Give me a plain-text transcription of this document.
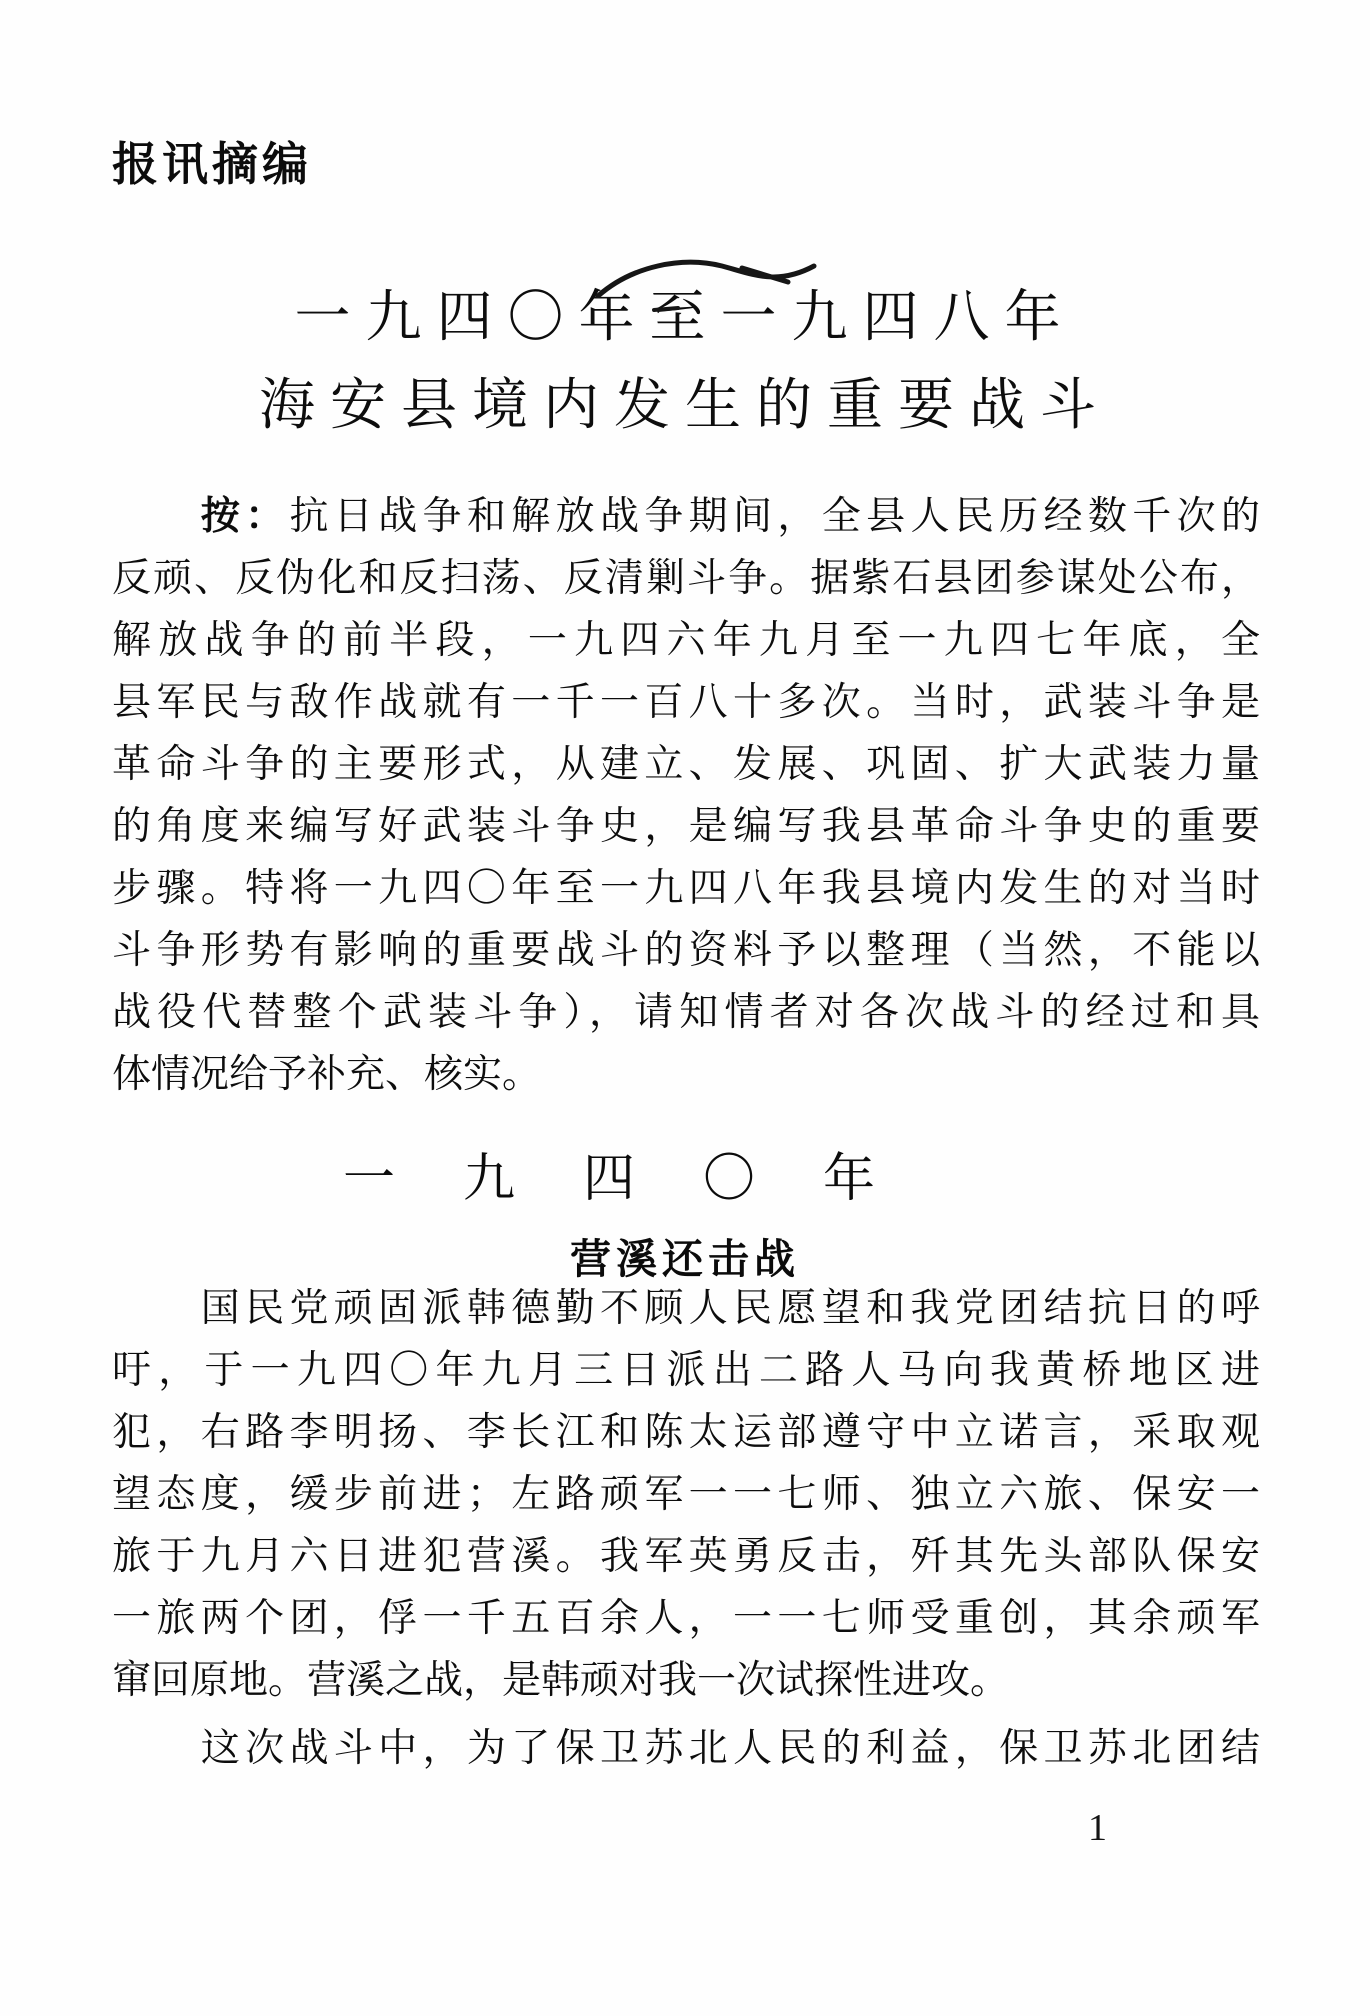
报讯摘编
一九四〇年至一九四八年
海安县境内发生的重要战斗
　　按：抗日战争和解放战争期间，全县人民历经数千次的
反顽、反伪化和反扫荡、反清剿斗争。据紫石县团参谋处公布，
解放战争的前半段，一九四六年九月至一九四七年底，全
县军民与敌作战就有一千一百八十多次。当时，武装斗争是
革命斗争的主要形式，从建立、发展、巩固、扩大武装力量
的角度来编写好武装斗争史，是编写我县革命斗争史的重要
步骤。特将一九四〇年至一九四八年我县境内发生的对当时
斗争形势有影响的重要战斗的资料予以整理（当然，不能以
战役代替整个武装斗争），请知情者对各次战斗的经过和具
体情况给予补充、核实。
一九四〇年
营溪还击战
　　国民党顽固派韩德勤不顾人民愿望和我党团结抗日的呼
吁，于一九四〇年九月三日派出二路人马向我黄桥地区进
犯，右路李明扬、李长江和陈太运部遵守中立诺言，采取观
望态度，缓步前进；左路顽军一一七师、独立六旅、保安一
旅于九月六日进犯营溪。我军英勇反击，歼其先头部队保安
一旅两个团，俘一千五百余人，一一七师受重创，其余顽军
窜回原地。营溪之战，是韩顽对我一次试探性进攻。
　　这次战斗中，为了保卫苏北人民的利益，保卫苏北团结
1
